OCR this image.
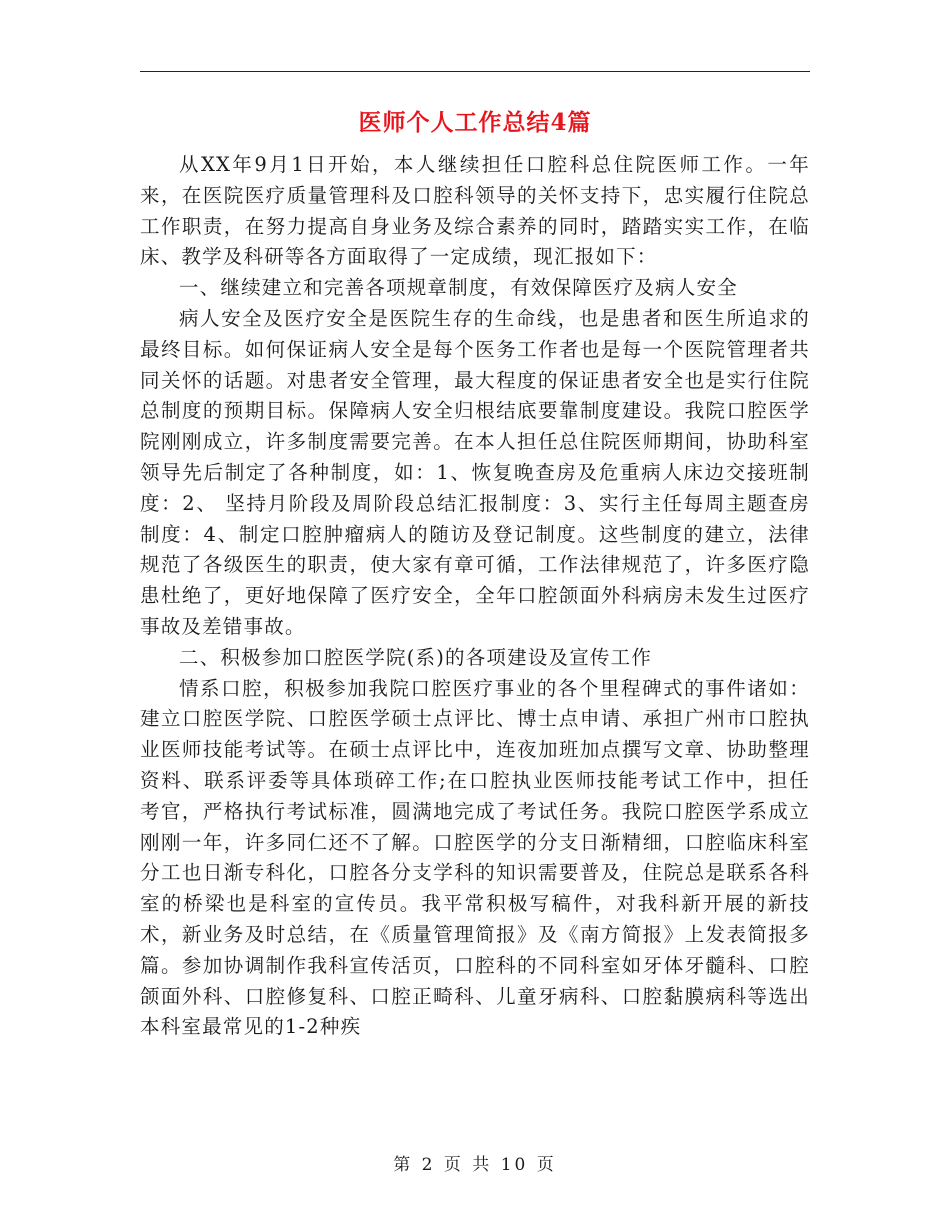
医师个人工作总结4篇

从XX年9月1日开始，本人继续担任口腔科总住院医师工作。一年来，在医院医疗质量管理科及口腔科领导的关怀支持下，忠实履行住院总工作职责，在努力提高自身业务及综合素养的同时，踏踏实实工作，在临床、教学及科研等各方面取得了一定成绩，现汇报如下：

一、继续建立和完善各项规章制度，有效保障医疗及病人安全

病人安全及医疗安全是医院生存的生命线，也是患者和医生所追求的最终目标。如何保证病人安全是每个医务工作者也是每一个医院管理者共同关怀的话题。对患者安全管理，最大程度的保证患者安全也是实行住院总制度的预期目标。保障病人安全归根结底要靠制度建设。我院口腔医学院刚刚成立，许多制度需要完善。在本人担任总住院医师期间，协助科室领导先后制定了各种制度，如：1、恢复晚查房及危重病人床边交接班制度：2、 坚持月阶段及周阶段总结汇报制度：3、实行主任每周主题查房制度：4、制定口腔肿瘤病人的随访及登记制度。这些制度的建立，法律规范了各级医生的职责，使大家有章可循，工作法律规范了，许多医疗隐患杜绝了，更好地保障了医疗安全，全年口腔颌面外科病房未发生过医疗事故及差错事故。

二、积极参加口腔医学院(系)的各项建设及宣传工作

情系口腔，积极参加我院口腔医疗事业的各个里程碑式的事件诸如：建立口腔医学院、口腔医学硕士点评比、博士点申请、承担广州市口腔执业医师技能考试等。在硕士点评比中，连夜加班加点撰写文章、协助整理资料、联系评委等具体琐碎工作;在口腔执业医师技能考试工作中，担任考官，严格执行考试标准，圆满地完成了考试任务。我院口腔医学系成立刚刚一年，许多同仁还不了解。口腔医学的分支日渐精细，口腔临床科室分工也日渐专科化，口腔各分支学科的知识需要普及，住院总是联系各科室的桥梁也是科室的宣传员。我平常积极写稿件，对我科新开展的新技术，新业务及时总结，在《质量管理简报》及《南方简报》上发表简报多篇。参加协调制作我科宣传活页，口腔科的不同科室如牙体牙髓科、口腔颌面外科、口腔修复科、口腔正畸科、儿童牙病科、口腔黏膜病科等选出本科室最常见的1-2种疾

第 2 页 共 10 页
